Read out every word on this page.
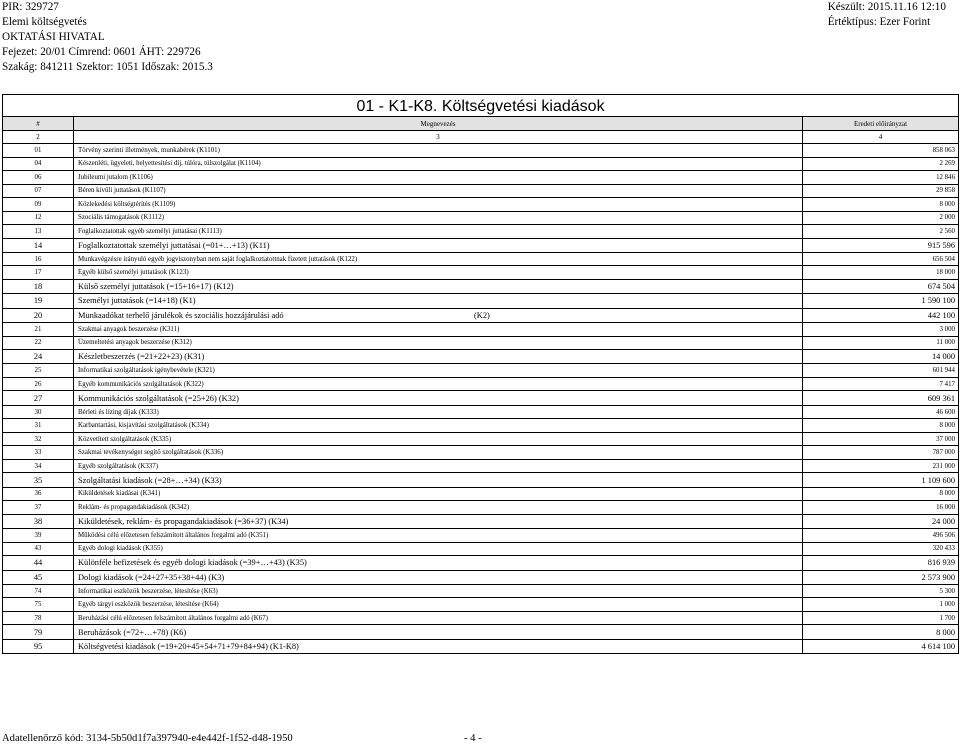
PIR: 329727
Elemi költségvetés
OKTATÁSI HIVATAL
Fejezet: 20/01 Címrend: 0601 ÁHT: 229726
Szakág: 841211 Szektor: 1051 Időszak: 2015.3
Készült: 2015.11.16 12:10
Értéktípus: Ezer Forint
01 - K1-K8. Költségvetési kiadások		
#	Megnevezés	Eredeti előirányzat
2	3	4
01	Törvény szerinti illetmények, munkabérek (K1101)	858 063
04	Készenléti, ügyeleti, helyettesítési díj, túlóra, túlszolgálat (K1104)	2 269
06	Jubileumi jutalom (K1106)	12 846
07	Béren kívüli juttatások (K1107)	29 858
09	Közlekedési költségtérítés (K1109)	8 000
12	Szociális támogatások (K1112)	2 000
13	Foglalkoztatottak egyéb személyi juttatásai (K1113)	2 560
14	Foglalkoztatottak személyi juttatásai (=01+…+13) (K11)	915 596
16	Munkavégzésre irányuló egyéb jogviszonyban nem saját foglalkoztatottnak fizetett juttatások (K122)	656 504
17	Egyéb külső személyi juttatások (K123)	18 000
18	Külső személyi juttatások (=15+16+17) (K12)	674 504
19	Személyi juttatások (=14+18) (K1)	1 590 100
20	Munkaadókat terhelő járulékok és szociális hozzájárulási adó (K2)	442 100
21	Szakmai anyagok beszerzése (K311)	3 000
22	Üzemeltetési anyagok beszerzése (K312)	11 000
24	Készletbeszerzés (=21+22+23) (K31)	14 000
25	Informatikai szolgáltatások igénybevétele (K321)	601 944
26	Egyéb kommunikációs szolgáltatások (K322)	7 417
27	Kommunikációs szolgáltatások (=25+26) (K32)	609 361
30	Bérleti és lízing díjak (K333)	46 600
31	Karbantartási, kisjavítási szolgáltatások (K334)	8 000
32	Közvetített szolgáltatások (K335)	37 000
33	Szakmai tevékenységet segítő szolgáltatások (K336)	787 000
34	Egyéb szolgáltatások (K337)	231 000
35	Szolgáltatási kiadások (=28+…+34) (K33)	1 109 600
36	Kiküldetések kiadásai (K341)	8 000
37	Reklám- és propagandakiadások (K342)	16 000
38	Kiküldetések, reklám- és propagandakiadások (=36+37) (K34)	24 000
39	Működési célú előzetesen felszámított általános forgalmi adó (K351)	496 506
43	Egyéb dologi kiadások (K355)	320 433
44	Különféle befizetések és egyéb dologi kiadások (=39+…+43) (K35)	816 939
45	Dologi kiadások (=24+27+35+38+44) (K3)	2 573 900
74	Informatikai eszközök beszerzése, létesítése (K63)	5 300
75	Egyéb tárgyi eszközök beszerzése, létesítése (K64)	1 000
78	Beruházási célú előzetesen felszámított általános forgalmi adó (K67)	1 700
79	Beruházások (=72+…+78) (K6)	8 000
95	Költségvetési kiadások (=19+20+45+54+71+79+84+94) (K1-K8)	4 614 100
Adatellenőrző kód: 3134-5b50d1f7a397940-e4e442f-1f52-d48-1950	- 4 -
